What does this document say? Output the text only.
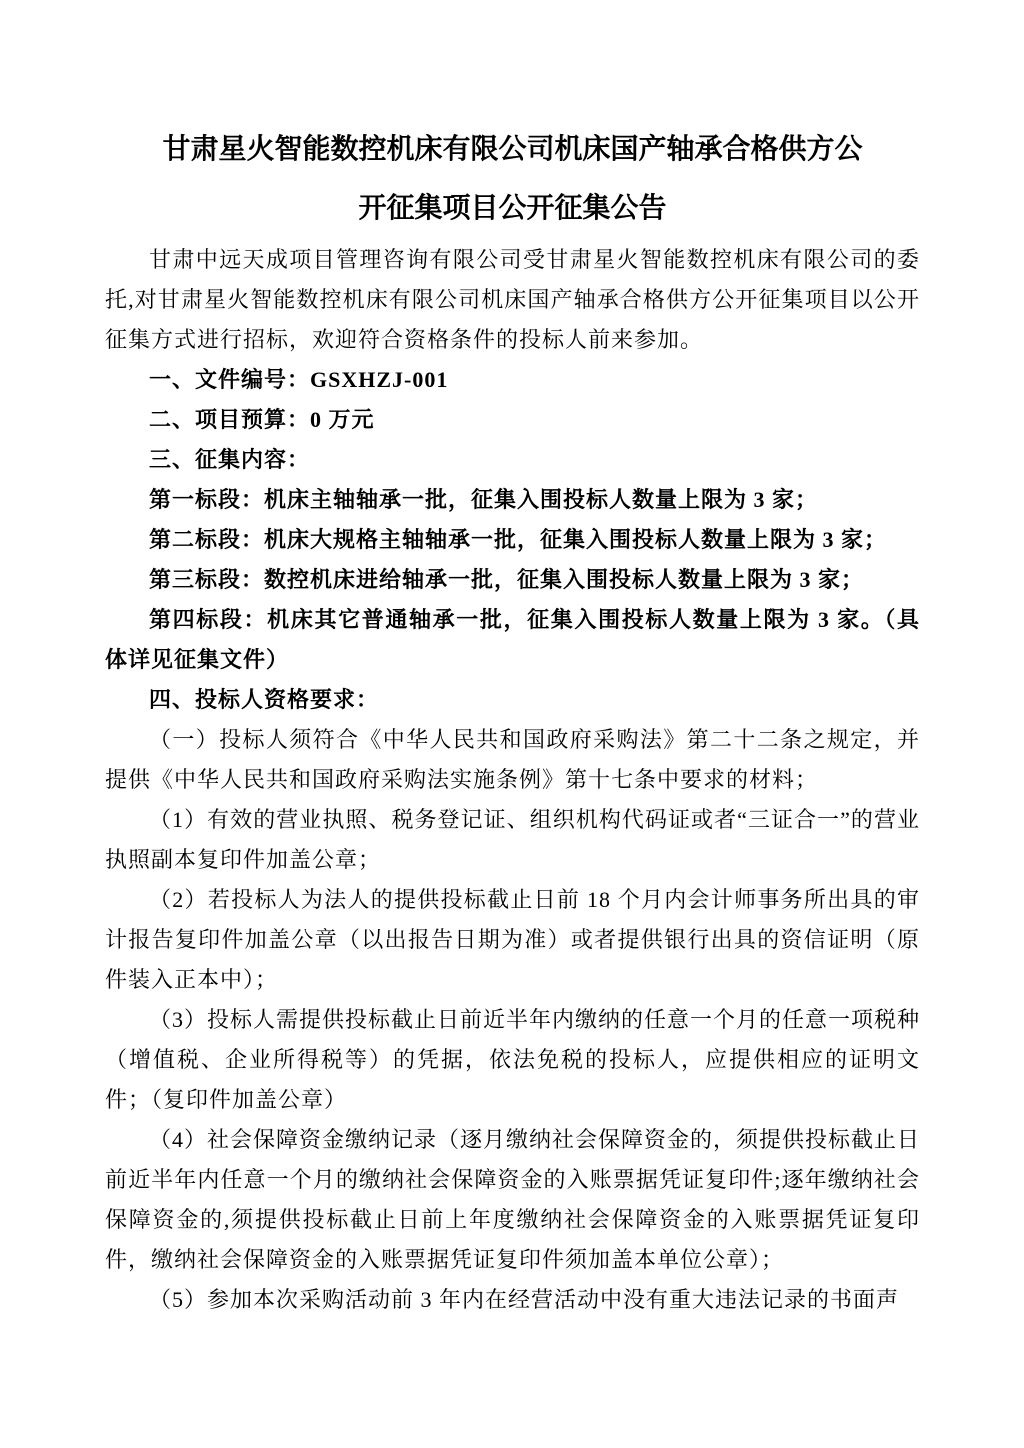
甘肃星火智能数控机床有限公司机床国产轴承合格供方公开征集项目公开征集公告

甘肃中远天成项目管理咨询有限公司受甘肃星火智能数控机床有限公司的委托,对甘肃星火智能数控机床有限公司机床国产轴承合格供方公开征集项目以公开征集方式进行招标，欢迎符合资格条件的投标人前来参加。

一、文件编号：GSXHZJ-001

二、项目预算：0 万元

三、征集内容：

第一标段：机床主轴轴承一批，征集入围投标人数量上限为 3 家；

第二标段：机床大规格主轴轴承一批，征集入围投标人数量上限为 3 家；

第三标段：数控机床进给轴承一批，征集入围投标人数量上限为 3 家；

第四标段：机床其它普通轴承一批，征集入围投标人数量上限为 3 家。（具体详见征集文件）

四、投标人资格要求：

（一）投标人须符合《中华人民共和国政府采购法》第二十二条之规定，并提供《中华人民共和国政府采购法实施条例》第十七条中要求的材料；

（1）有效的营业执照、税务登记证、组织机构代码证或者“三证合一”的营业执照副本复印件加盖公章；

（2）若投标人为法人的提供投标截止日前 18 个月内会计师事务所出具的审计报告复印件加盖公章（以出报告日期为准）或者提供银行出具的资信证明（原件装入正本中）；

（3）投标人需提供投标截止日前近半年内缴纳的任意一个月的任意一项税种（增值税、企业所得税等）的凭据，依法免税的投标人，应提供相应的证明文件；（复印件加盖公章）

（4）社会保障资金缴纳记录（逐月缴纳社会保障资金的，须提供投标截止日前近半年内任意一个月的缴纳社会保障资金的入账票据凭证复印件;逐年缴纳社会保障资金的,须提供投标截止日前上年度缴纳社会保障资金的入账票据凭证复印件，缴纳社会保障资金的入账票据凭证复印件须加盖本单位公章）；

（5）参加本次采购活动前 3 年内在经营活动中没有重大违法记录的书面声
